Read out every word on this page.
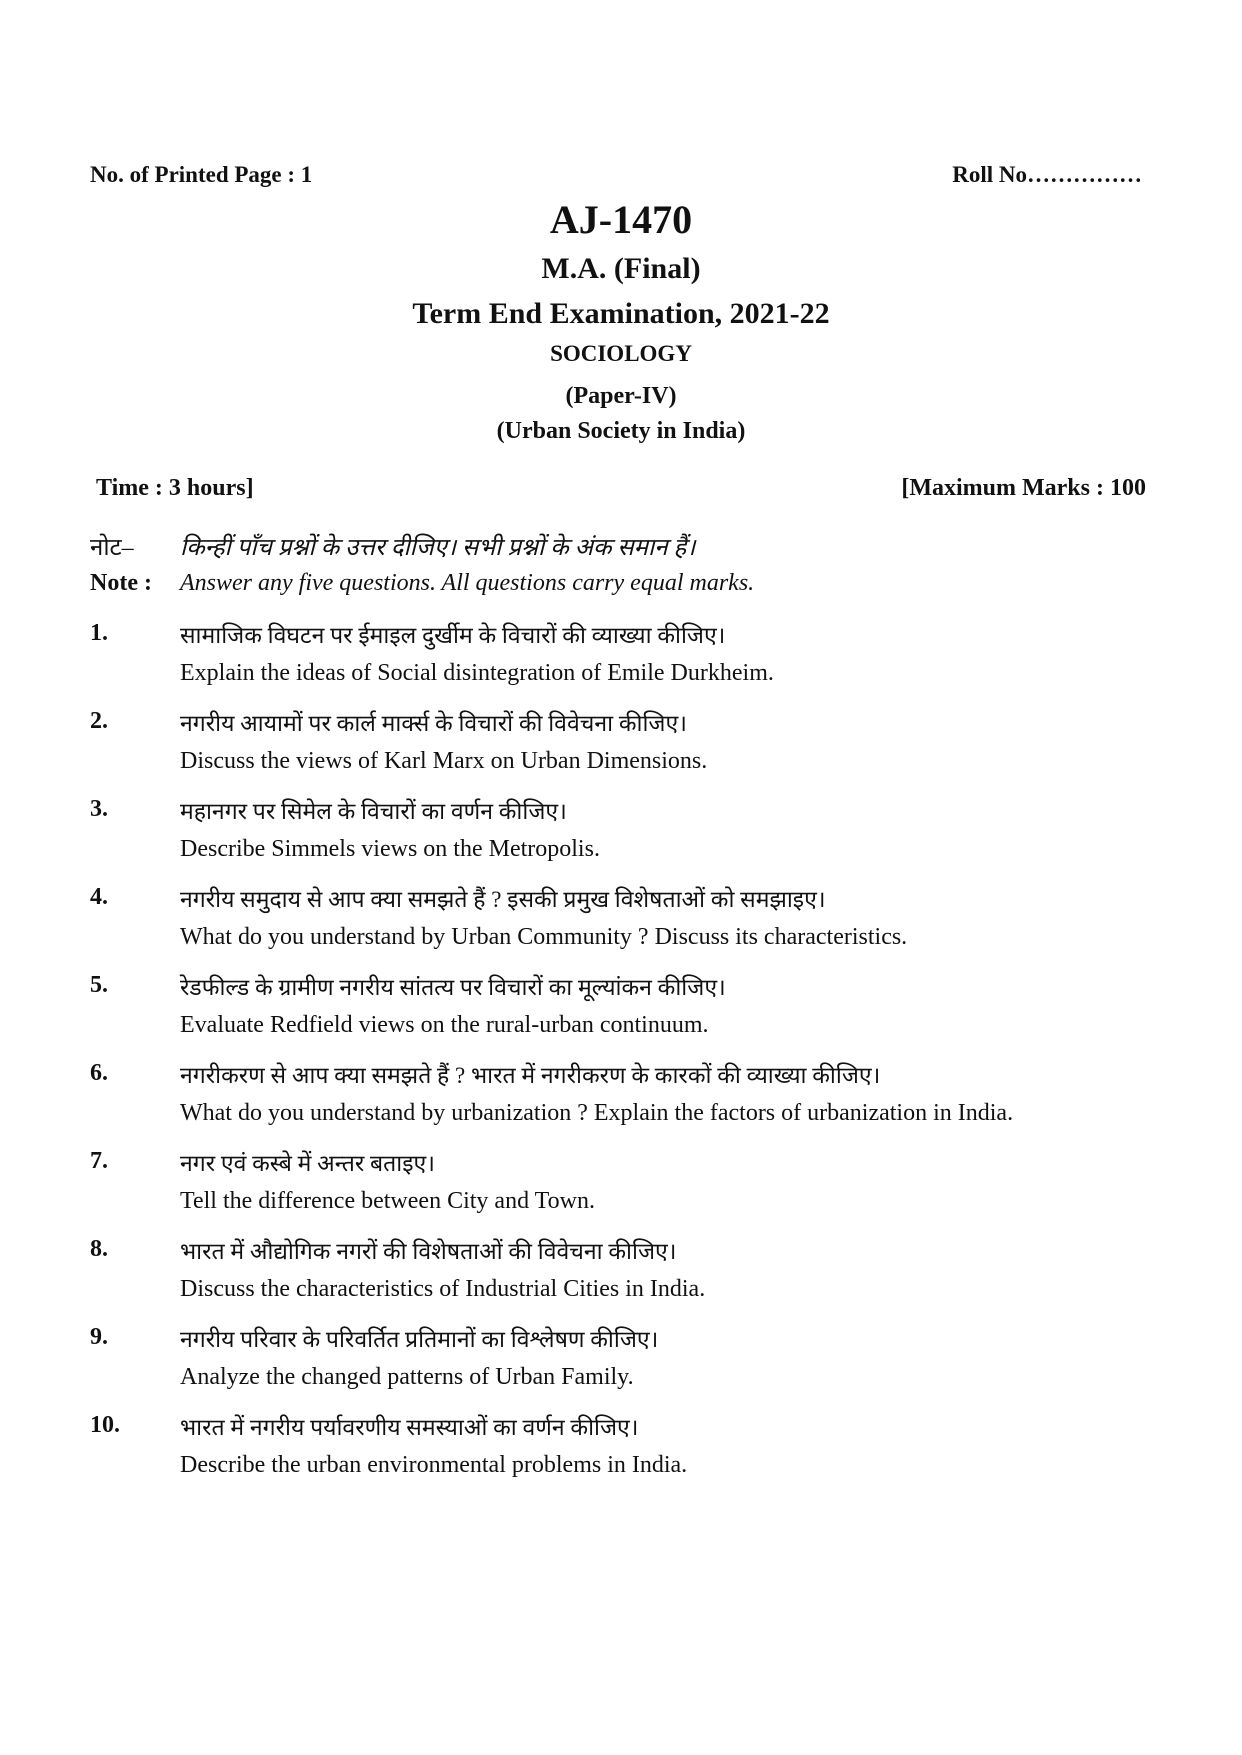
No. of Printed Page : 1	Roll No……………
AJ-1470
M.A. (Final)
Term End Examination, 2021-22
SOCIOLOGY
(Paper-IV)
(Urban Society in India)
Time : 3 hours]	[Maximum Marks : 100
नोट– किन्हीं पाँच प्रश्नों के उत्तर दीजिए। सभी प्रश्नों के अंक समान हैं।
Note : Answer any five questions. All questions carry equal marks.
1.	सामाजिक विघटन पर ईमाइल दुर्खीम के विचारों की व्याख्या कीजिए।
Explain the ideas of Social disintegration of Emile Durkheim.
2.	नगरीय आयामों पर कार्ल मार्क्स के विचारों की विवेचना कीजिए।
Discuss the views of Karl Marx on Urban Dimensions.
3.	महानगर पर सिमेल के विचारों का वर्णन कीजिए।
Describe Simmels views on the Metropolis.
4.	नगरीय समुदाय से आप क्या समझते हैं ? इसकी प्रमुख विशेषताओं को समझाइए।
What do you understand by Urban Community ? Discuss its characteristics.
5.	रेडफील्ड के ग्रामीण नगरीय सांतत्य पर विचारों का मूल्यांकन कीजिए।
Evaluate Redfield views on the rural-urban continuum.
6.	नगरीकरण से आप क्या समझते हैं ? भारत में नगरीकरण के कारकों की व्याख्या कीजिए।
What do you understand by urbanization ? Explain the factors of urbanization in India.
7.	नगर एवं कस्बे में अन्तर बताइए।
Tell the difference between City and Town.
8.	भारत में औद्योगिक नगरों की विशेषताओं की विवेचना कीजिए।
Discuss the characteristics of Industrial Cities in India.
9.	नगरीय परिवार के परिवर्तित प्रतिमानों का विश्लेषण कीजिए।
Analyze the changed patterns of Urban Family.
10.	भारत में नगरीय पर्यावरणीय समस्याओं का वर्णन कीजिए।
Describe the urban environmental problems in India.
